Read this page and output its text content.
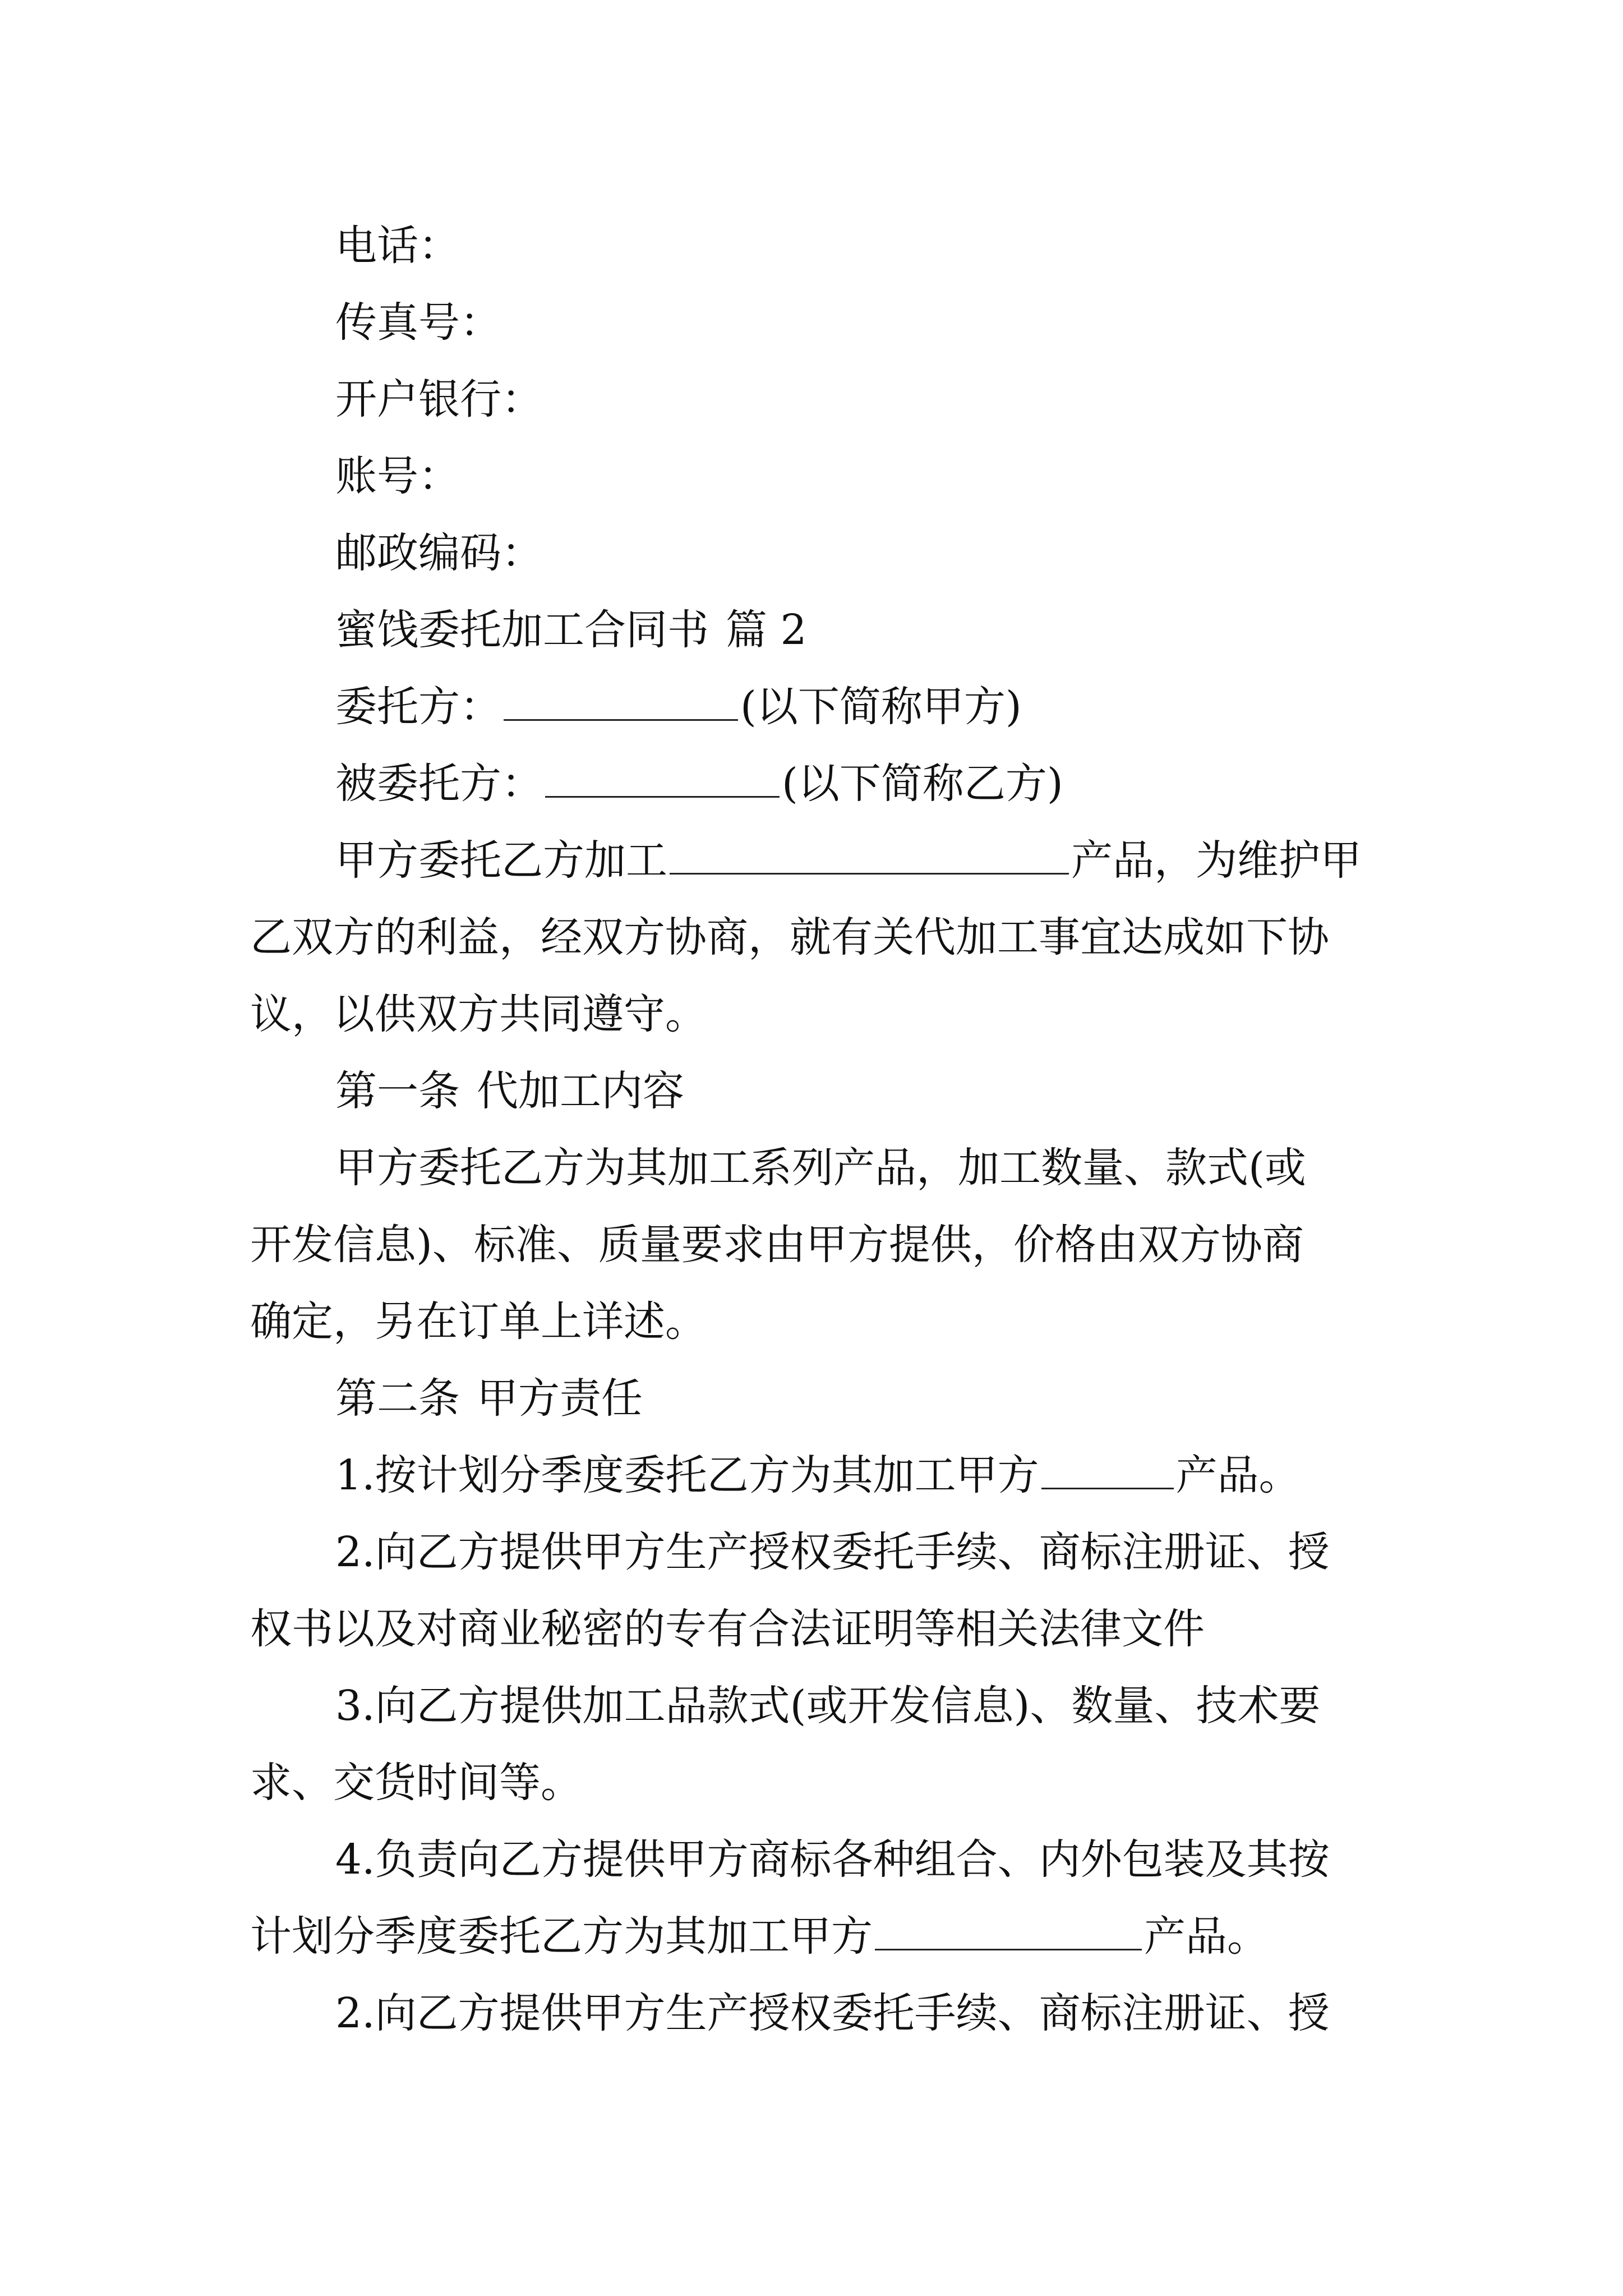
电话：
传真号：
开户银行：
账号：
邮政编码：
蜜饯委托加工合同书 篇 2
委托方：	(以下简称甲方)
被委托方：	(以下简称乙方)
甲方委托乙方加工	产品，为维护甲
乙双方的利益，经双方协商，就有关代加工事宜达成如下协
议，以供双方共同遵守。
第一条 代加工内容
甲方委托乙方为其加工系列产品，加工数量、款式(或
开发信息)、标准、质量要求由甲方提供，价格由双方协商
确定，另在订单上详述。
第二条 甲方责任
1.按计划分季度委托乙方为其加工甲方	产品。
2.向乙方提供甲方生产授权委托手续、商标注册证、授
权书以及对商业秘密的专有合法证明等相关法律文件
3.向乙方提供加工品款式(或开发信息)、数量、技术要
求、交货时间等。
4.负责向乙方提供甲方商标各种组合、内外包装及其按
计划分季度委托乙方为其加工甲方	产品。
2.向乙方提供甲方生产授权委托手续、商标注册证、授
